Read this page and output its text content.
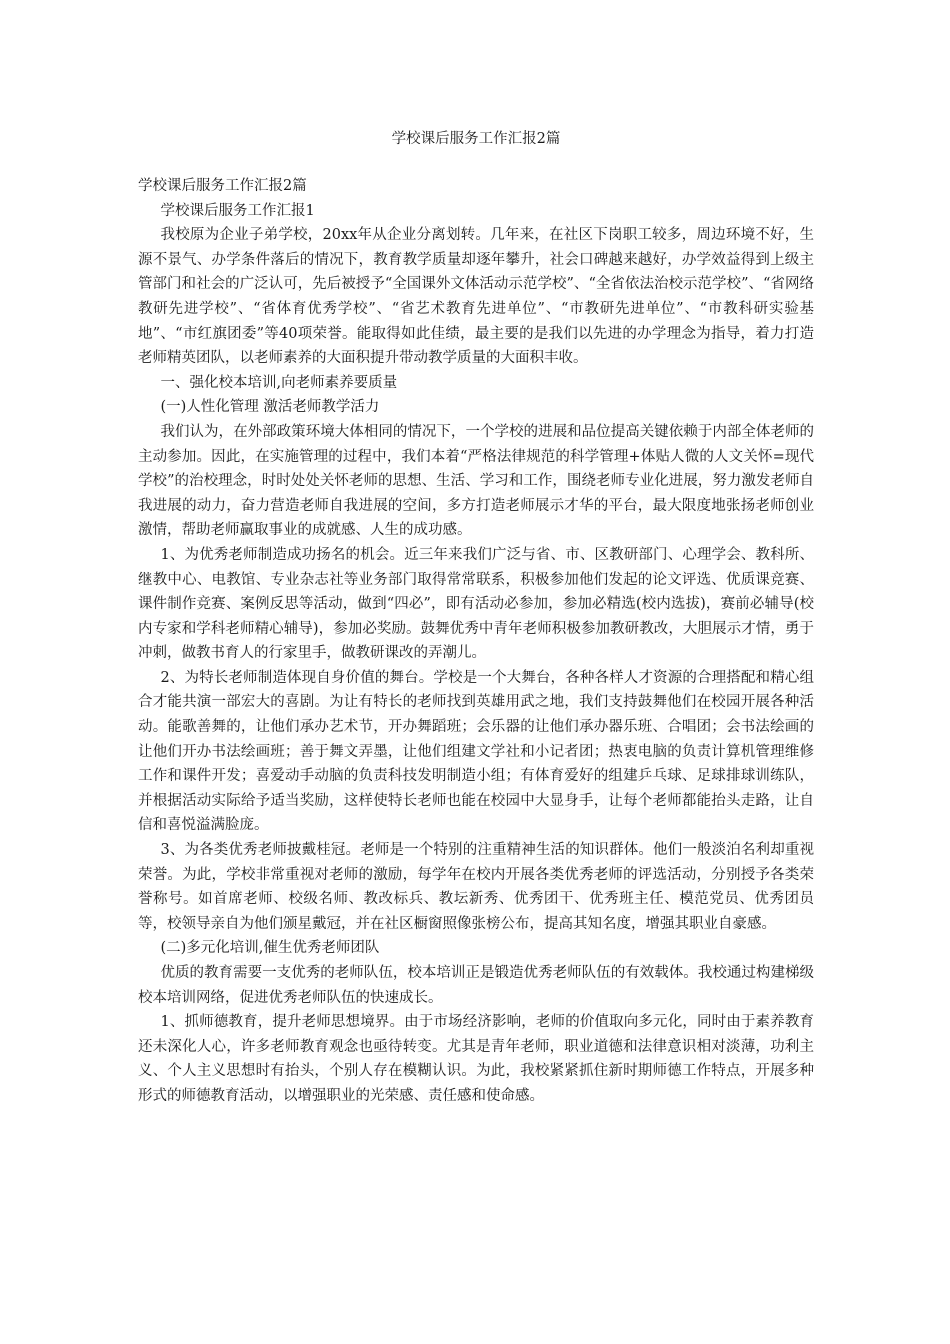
学校课后服务工作汇报2篇

学校课后服务工作汇报2篇

学校课后服务工作汇报1

我校原为企业子弟学校，20xx年从企业分离划转。几年来，在社区下岗职工较多，周边环境不好，生源不景气、办学条件落后的情况下，教育教学质量却逐年攀升，社会口碑越来越好，办学效益得到上级主管部门和社会的广泛认可，先后被授予“全国课外文体活动示范学校”、“全省依法治校示范学校”、“省网络教研先进学校”、“省体育优秀学校”、“省艺术教育先进单位”、“市教研先进单位”、“市教科研实验基地”、“市红旗团委”等40项荣誉。能取得如此佳绩，最主要的是我们以先进的办学理念为指导，着力打造老师精英团队，以老师素养的大面积提升带动教学质量的大面积丰收。

一、强化校本培训,向老师素养要质量

(一)人性化管理 激活老师教学活力

我们认为，在外部政策环境大体相同的情况下，一个学校的进展和品位提高关键依赖于内部全体老师的主动参加。因此，在实施管理的过程中，我们本着“严格法律规范的科学管理+体贴人微的人文关怀=现代学校”的治校理念，时时处处关怀老师的思想、生活、学习和工作，围绕老师专业化进展，努力激发老师自我进展的动力，奋力营造老师自我进展的空间，多方打造老师展示才华的平台，最大限度地张扬老师创业激情，帮助老师赢取事业的成就感、人生的成功感。

1、为优秀老师制造成功扬名的机会。近三年来我们广泛与省、市、区教研部门、心理学会、教科所、继教中心、电教馆、专业杂志社等业务部门取得常常联系，积极参加他们发起的论文评选、优质课竞赛、课件制作竞赛、案例反思等活动，做到“四必”，即有活动必参加，参加必精选(校内选拔)，赛前必辅导(校内专家和学科老师精心辅导)，参加必奖励。鼓舞优秀中青年老师积极参加教研教改，大胆展示才情，勇于冲刺，做教书育人的行家里手，做教研课改的弄潮儿。

2、为特长老师制造体现自身价值的舞台。学校是一个大舞台，各种各样人才资源的合理搭配和精心组合才能共演一部宏大的喜剧。为让有特长的老师找到英雄用武之地，我们支持鼓舞他们在校园开展各种活动。能歌善舞的，让他们承办艺术节，开办舞蹈班；会乐器的让他们承办器乐班、合唱团；会书法绘画的让他们开办书法绘画班；善于舞文弄墨，让他们组建文学社和小记者团；热衷电脑的负责计算机管理维修工作和课件开发；喜爱动手动脑的负责科技发明制造小组；有体育爱好的组建乒乓球、足球排球训练队，并根据活动实际给予适当奖励，这样使特长老师也能在校园中大显身手，让每个老师都能抬头走路，让自信和喜悦溢满脸庞。

3、为各类优秀老师披戴桂冠。老师是一个特别的注重精神生活的知识群体。他们一般淡泊名利却重视荣誉。为此，学校非常重视对老师的激励，每学年在校内开展各类优秀老师的评选活动，分别授予各类荣誉称号。如首席老师、校级名师、教改标兵、教坛新秀、优秀团干、优秀班主任、模范党员、优秀团员等，校领导亲自为他们颁星戴冠，并在社区橱窗照像张榜公布，提高其知名度，增强其职业自豪感。

(二)多元化培训,催生优秀老师团队

优质的教育需要一支优秀的老师队伍，校本培训正是锻造优秀老师队伍的有效载体。我校通过构建梯级校本培训网络，促进优秀老师队伍的快速成长。

1、抓师德教育，提升老师思想境界。由于市场经济影响，老师的价值取向多元化，同时由于素养教育还未深化人心，许多老师教育观念也亟待转变。尤其是青年老师，职业道德和法律意识相对淡薄，功利主义、个人主义思想时有抬头，个别人存在模糊认识。为此，我校紧紧抓住新时期师德工作特点，开展多种形式的师德教育活动，以增强职业的光荣感、责任感和使命感。
